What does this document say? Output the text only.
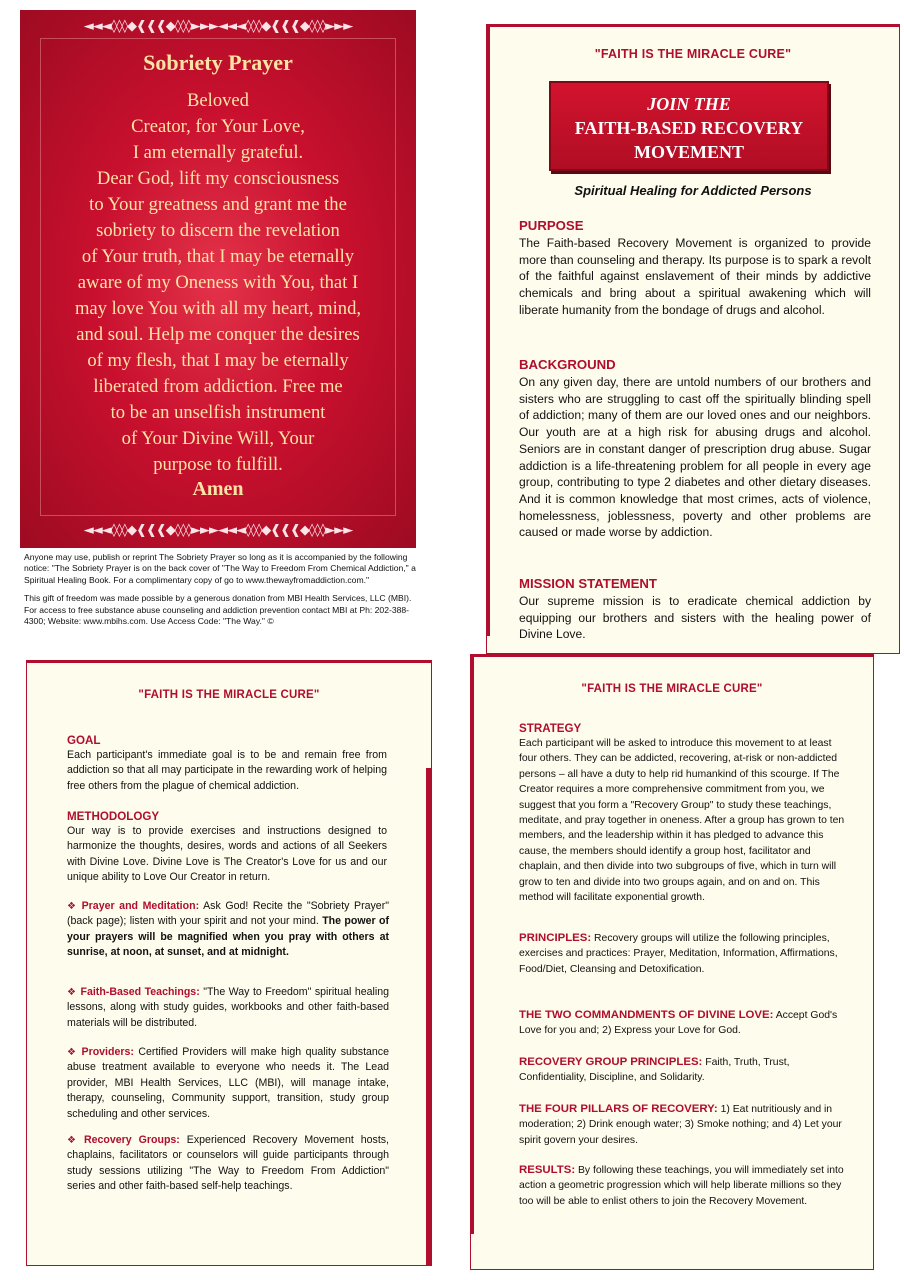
◄◄◄◊◊◊◆❰❰❰◆◊◊◊►►►◄◄◄◊◊◊◆❰❰❰◆◊◊◊►►►
Sobriety Prayer
Beloved
Creator, for Your Love,
I am eternally grateful.
Dear God, lift my consciousness
to Your greatness and grant me the
sobriety to discern the revelation
of Your truth, that I may be eternally
aware of my Oneness with You, that I
may love You with all my heart, mind,
and soul. Help me conquer the desires
of my flesh, that I may be eternally
liberated from addiction. Free me
to be an unselfish instrument
of Your Divine Will, Your
purpose to fulfill.
Amen
◄◄◄◊◊◊◆❰❰❰◆◊◊◊►►►◄◄◄◊◊◊◆❰❰❰◆◊◊◊►►►

Anyone may use, publish or reprint The Sobriety Prayer so long as it is accompanied by the following notice: "The Sobriety Prayer is on the back cover of "The Way to Freedom From Chemical Addiction," a Spiritual Healing Book. For a complimentary copy of go to www.thewayfromaddiction.com."

This gift of freedom was made possible by a generous donation from MBI Health Services, LLC (MBI). For access to free substance abuse counseling and addiction prevention contact MBI at Ph: 202-388-4300; Website: www.mbihs.com. Use Access Code: "The Way." ©

"FAITH IS THE MIRACLE CURE"
JOIN THE
FAITH-BASED RECOVERY
MOVEMENT
Spiritual Healing for Addicted Persons

PURPOSE

The Faith-based Recovery Movement is organized to provide more than counseling and therapy. Its purpose is to spark a revolt of the faithful against enslavement of their minds by addictive chemicals and bring about a spiritual awakening which will liberate humanity from the bondage of drugs and alcohol.

BACKGROUND

On any given day, there are untold numbers of our brothers and sisters who are struggling to cast off the spiritually blinding spell of addiction; many of them are our loved ones and our neighbors. Our youth are at a high risk for abusing drugs and alcohol. Seniors are in constant danger of prescription drug abuse. Sugar addiction is a life-threatening problem for all people in every age group, contributing to type 2 diabetes and other dietary diseases. And it is common knowledge that most crimes, acts of violence, homelessness, joblessness, poverty and other problems are caused or made worse by addiction.

MISSION STATEMENT

Our supreme mission is to eradicate chemical addiction by equipping our brothers and sisters with the healing power of Divine Love.

"FAITH IS THE MIRACLE CURE"

GOAL

Each participant's immediate goal is to be and remain free from addiction so that all may participate in the rewarding work of helping free others from the plague of chemical addiction.

METHODOLOGY

Our way is to provide exercises and instructions designed to harmonize the thoughts, desires, words and actions of all Seekers with Divine Love. Divine Love is The Creator's Love for us and our unique ability to Love Our Creator in return.

❖ Prayer and Meditation: Ask God! Recite the "Sobriety Prayer" (back page); listen with your spirit and not your mind. The power of your prayers will be magnified when you pray with others at sunrise, at noon, at sunset, and at midnight.
❖ Faith-Based Teachings: "The Way to Freedom" spiritual healing lessons, along with study guides, workbooks and other faith-based materials will be distributed.
❖ Providers: Certified Providers will make high quality substance abuse treatment available to everyone who needs it. The Lead provider, MBI Health Services, LLC (MBI), will manage intake, therapy, counseling, Community support, transition, study group scheduling and other services.
❖ Recovery Groups: Experienced Recovery Movement hosts, chaplains, facilitators or counselors will guide participants through study sessions utilizing "The Way to Freedom From Addiction" series and other faith-based self-help teachings.
"FAITH IS THE MIRACLE CURE"

STRATEGY

Each participant will be asked to introduce this movement to at least four others. They can be addicted, recovering, at-risk or non-addicted persons – all have a duty to help rid humankind of this scourge. If The Creator requires a more comprehensive commitment from you, we suggest that you form a "Recovery Group" to study these teachings, meditate, and pray together in oneness. After a group has grown to ten members, and the leadership within it has pledged to advance this cause, the members should identify a group host, facilitator and chaplain, and then divide into two subgroups of five, which in turn will grow to ten and divide into two groups again, and on and on. This method will facilitate exponential growth.

PRINCIPLES: Recovery groups will utilize the following principles, exercises and practices: Prayer, Meditation, Information, Affirmations, Food/Diet, Cleansing and Detoxification.

THE TWO COMMANDMENTS OF DIVINE LOVE: Accept God's Love for you and; 2) Express your Love for God.

RECOVERY GROUP PRINCIPLES: Faith, Truth, Trust, Confidentiality, Discipline, and Solidarity.

THE FOUR PILLARS OF RECOVERY: 1) Eat nutritiously and in moderation; 2) Drink enough water; 3) Smoke nothing; and 4) Let your spirit govern your desires.

RESULTS: By following these teachings, you will immediately set into action a geometric progression which will help liberate millions so they too will be able to enlist others to join the Recovery Movement.
